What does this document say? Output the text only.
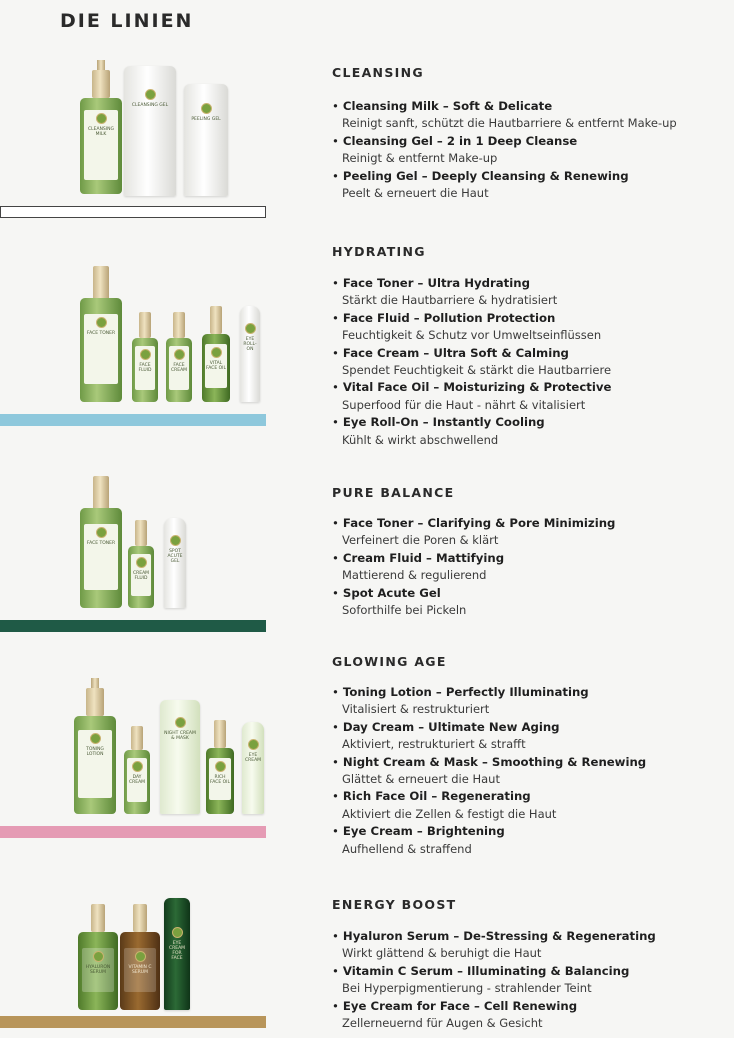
DIE LINIEN
CLEANSING
• Cleansing Milk – Soft & Delicate
Reinigt sanft, schützt die Hautbarriere & entfernt Make-up
• Cleansing Gel – 2 in 1 Deep Cleanse
Reinigt & entfernt Make-up
• Peeling Gel – Deeply Cleansing & Renewing
Peelt & erneuert die Haut
CLEANSING MILK
CLEANSING GEL
PEELING GEL
HYDRATING
• Face Toner – Ultra Hydrating
Stärkt die Hautbarriere & hydratisiert
• Face Fluid – Pollution Protection
Feuchtigkeit & Schutz vor Umweltseinflüssen
• Face Cream – Ultra Soft & Calming
Spendet Feuchtigkeit & stärkt die Hautbarriere
• Vital Face Oil – Moisturizing & Protective
Superfood für die Haut - nährt & vitalisiert
• Eye Roll-On – Instantly Cooling
Kühlt & wirkt abschwellend
FACE TONER
FACE FLUID
FACE CREAM
VITAL FACE OIL
EYE ROLL-ON
PURE BALANCE
• Face Toner – Clarifying & Pore Minimizing
Verfeinert die Poren & klärt
• Cream Fluid – Mattifying
Mattierend & regulierend
• Spot Acute Gel
Soforthilfe bei Pickeln
FACE TONER
CREAM FLUID
SPOT ACUTE GEL
GLOWING AGE
• Toning Lotion – Perfectly Illuminating
Vitalisiert & restrukturiert
• Day Cream – Ultimate New Aging
Aktiviert, restrukturiert & strafft
• Night Cream & Mask – Smoothing & Renewing
Glättet & erneuert die Haut
• Rich Face Oil – Regenerating
Aktiviert die Zellen & festigt die Haut
• Eye Cream – Brightening
Aufhellend & straffend
TONING LOTION
DAY CREAM
NIGHT CREAM & MASK
RICH FACE OIL
EYE CREAM
ENERGY BOOST
• Hyaluron Serum – De-Stressing & Regenerating
Wirkt glättend & beruhigt die Haut
• Vitamin C Serum – Illuminating & Balancing
Bei Hyperpigmentierung - strahlender Teint
• Eye Cream for Face – Cell Renewing
Zellerneuernd für Augen & Gesicht
HYALURON SERUM
VITAMIN C SERUM
EYE CREAM FOR FACE
